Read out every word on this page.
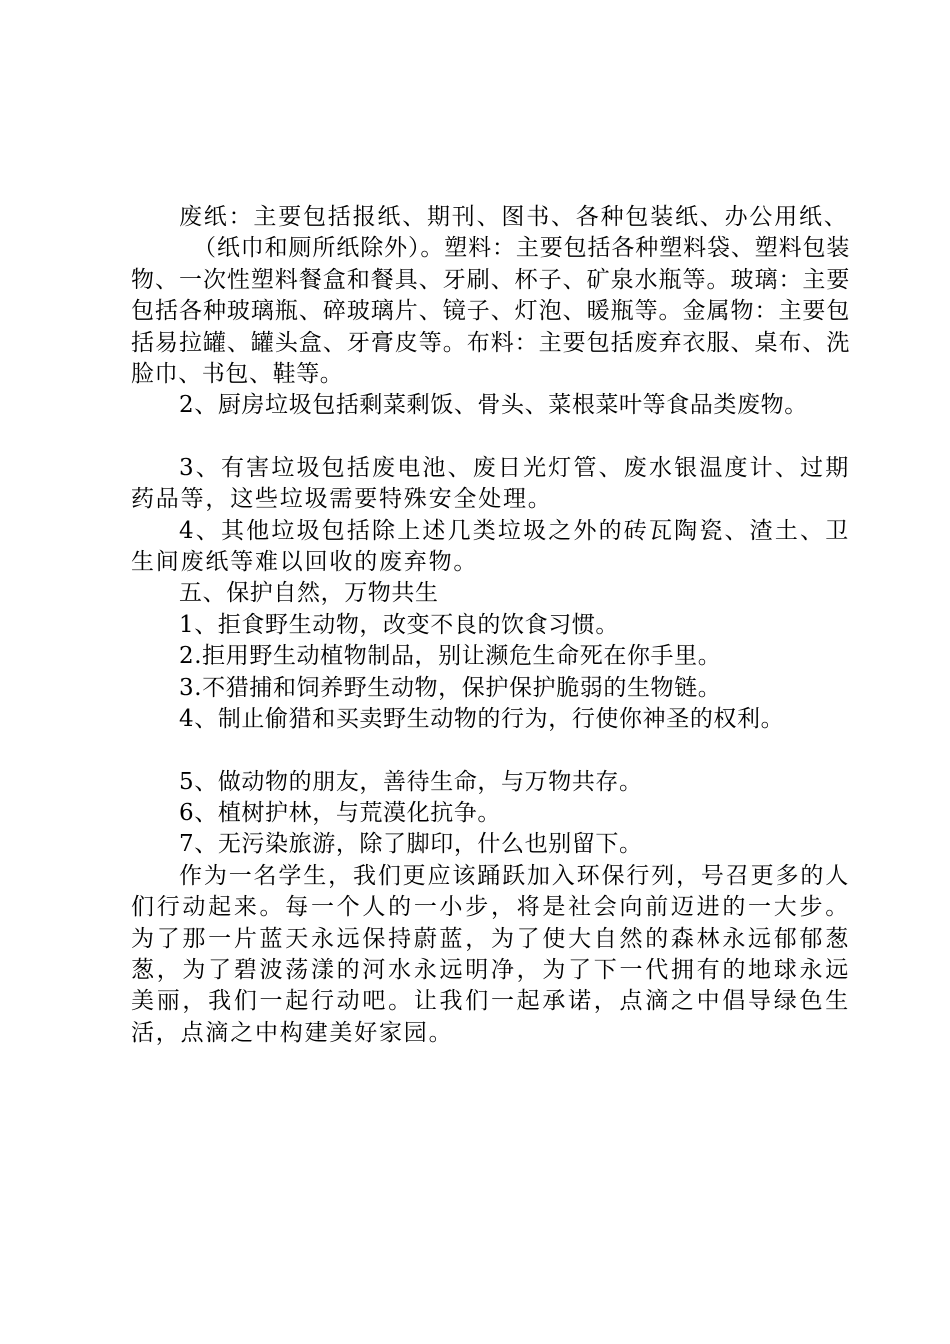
废纸：主要包括报纸、期刊、图书、各种包装纸、办公用纸、

（纸巾和厕所纸除外）。塑料：主要包括各种塑料袋、塑料包装物、一次性塑料餐盒和餐具、牙刷、杯子、矿泉水瓶等。玻璃：主要包括各种玻璃瓶、碎玻璃片、镜子、灯泡、暖瓶等。金属物：主要包括易拉罐、罐头盒、牙膏皮等。布料：主要包括废弃衣服、桌布、洗脸巾、书包、鞋等。

2、厨房垃圾包括剩菜剩饭、骨头、菜根菜叶等食品类废物。

3、有害垃圾包括废电池、废日光灯管、废水银温度计、过期药品等，这些垃圾需要特殊安全处理。

4、其他垃圾包括除上述几类垃圾之外的砖瓦陶瓷、渣土、卫生间废纸等难以回收的废弃物。

五、保护自然，万物共生

1、拒食野生动物，改变不良的饮食习惯。

2.拒用野生动植物制品，别让濒危生命死在你手里。

3.不猎捕和饲养野生动物，保护保护脆弱的生物链。

4、制止偷猎和买卖野生动物的行为，行使你神圣的权利。

5、做动物的朋友，善待生命，与万物共存。

6、植树护林，与荒漠化抗争。

7、无污染旅游，除了脚印，什么也别留下。

作为一名学生，我们更应该踊跃加入环保行列，号召更多的人们行动起来。每一个人的一小步，将是社会向前迈进的一大步。为了那一片蓝天永远保持蔚蓝，为了使大自然的森林永远郁郁葱葱，为了碧波荡漾的河水永远明净，为了下一代拥有的地球永远美丽，我们一起行动吧。让我们一起承诺，点滴之中倡导绿色生活，点滴之中构建美好家园。
